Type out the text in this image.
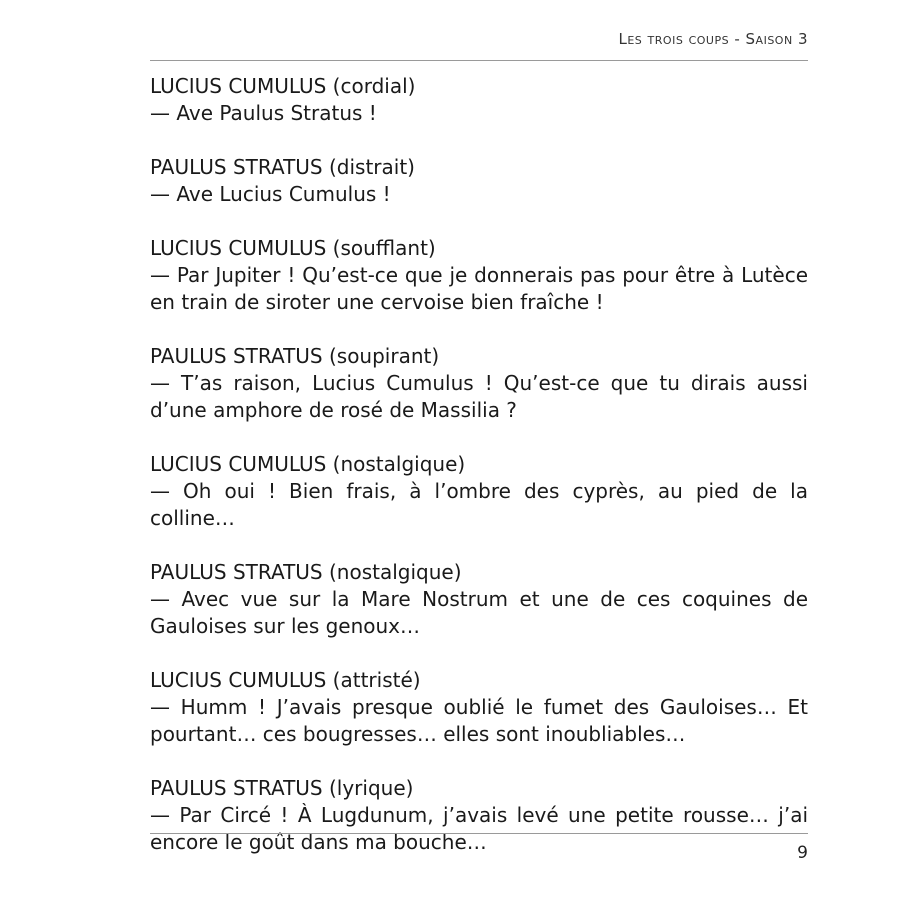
Les trois coups - Saison 3
LUCIUS CUMULUS (cordial)
— Ave Paulus Stratus !
PAULUS STRATUS (distrait)
— Ave Lucius Cumulus !
LUCIUS CUMULUS (soufflant)
— Par Jupiter ! Qu’est-ce que je donnerais pas pour être à Lutèce en train de siroter une cervoise bien fraîche !
PAULUS STRATUS (soupirant)
— T’as raison, Lucius Cumulus ! Qu’est-ce que tu dirais aussi d’une amphore de rosé de Massilia ?
LUCIUS CUMULUS (nostalgique)
— Oh oui ! Bien frais, à l’ombre des cyprès, au pied de la colline…
PAULUS STRATUS (nostalgique)
— Avec vue sur la Mare Nostrum et une de ces coquines de Gauloises sur les genoux…
LUCIUS CUMULUS (attristé)
— Humm ! J’avais presque oublié le fumet des Gauloises… Et pourtant… ces bougresses… elles sont inoubliables…
PAULUS STRATUS (lyrique)
— Par Circé ! À Lugdunum, j’avais levé une petite rousse… j’ai encore le goût dans ma bouche…	9
